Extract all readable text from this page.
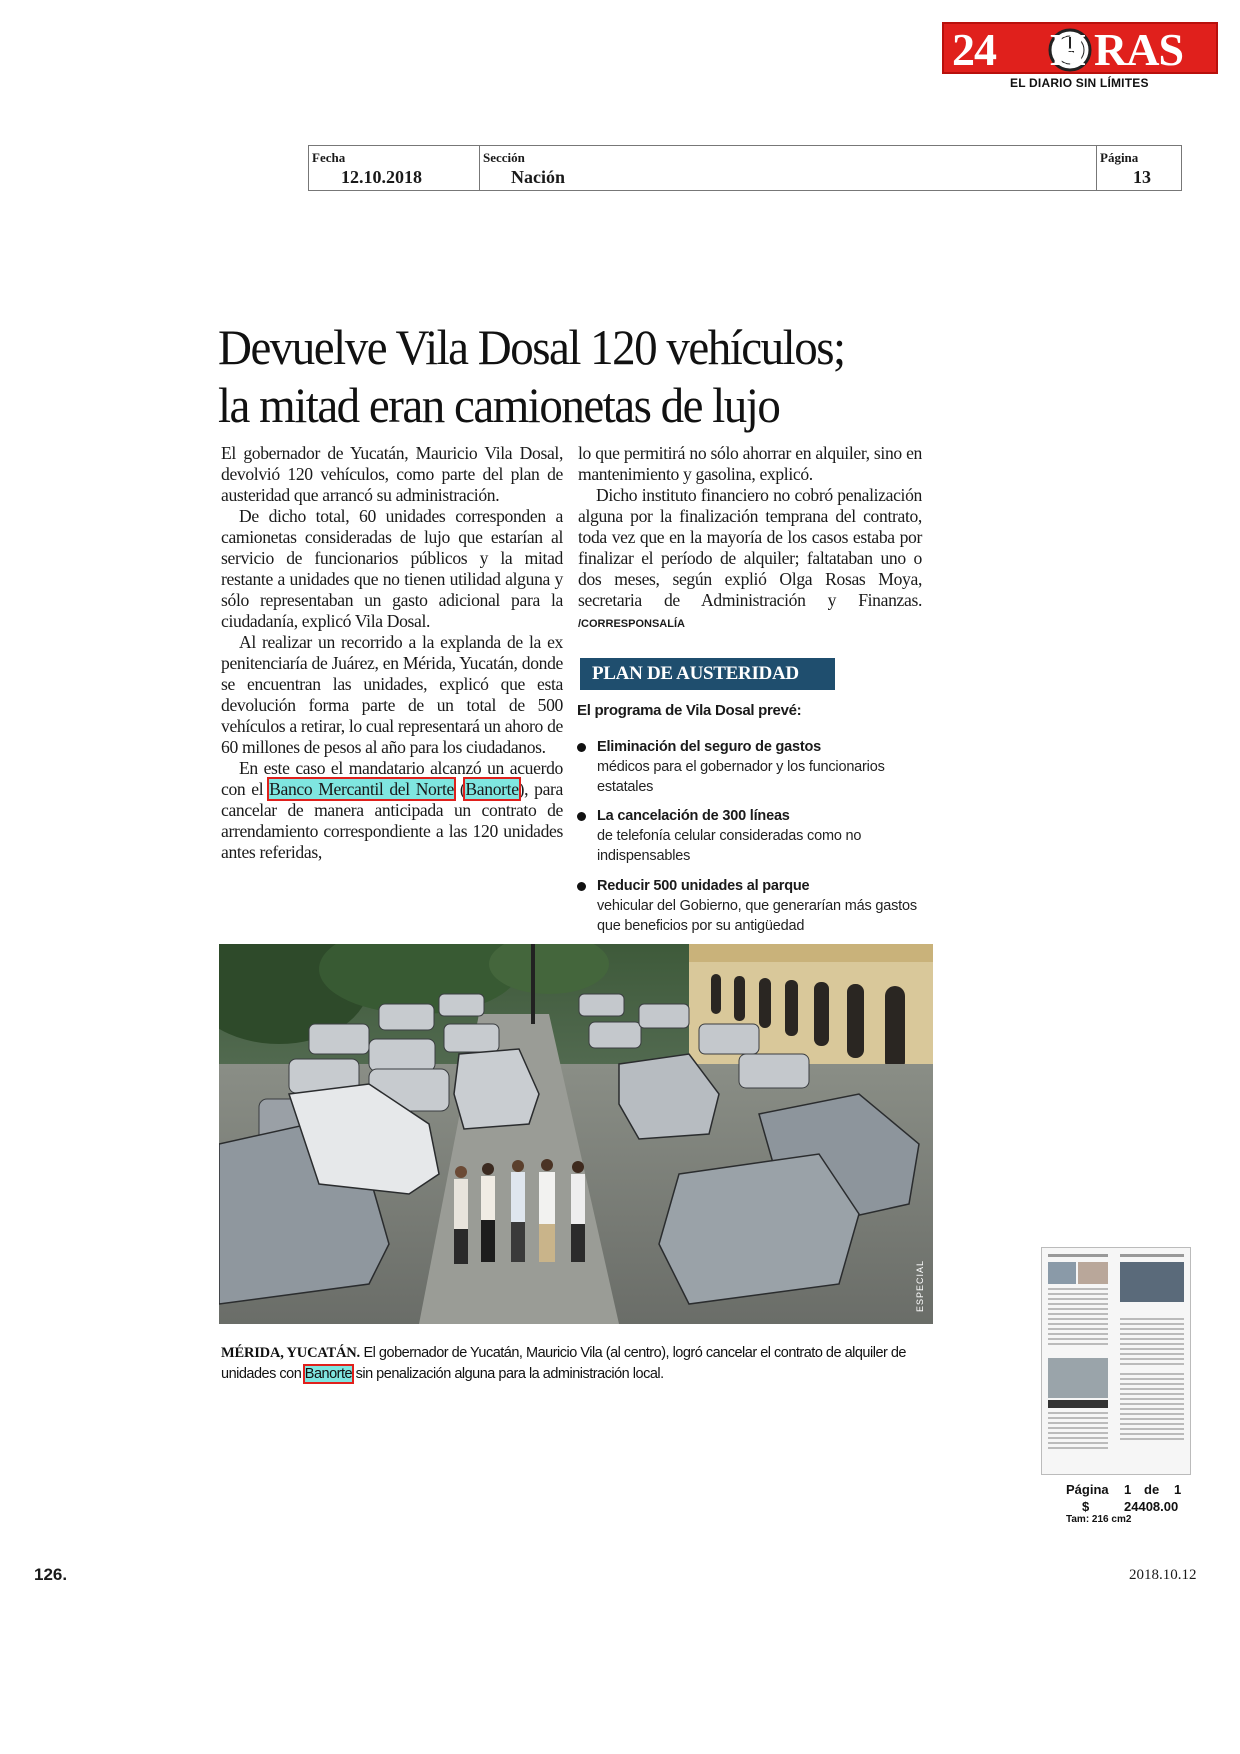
24 H RAS
EL DIARIO SIN LÍMITES
Fecha
12.10.2018
Sección
Nación
Página
13
Devuelve Vila Dosal 120 vehículos;
la mitad eran camionetas de lujo

El gobernador de Yucatán, Mauricio Vila Dosal, devolvió 120 vehículos, como parte del plan de austeridad que arrancó su administración.

De dicho total, 60 unidades corresponden a camionetas consideradas de lujo que estarían al servicio de funcionarios públicos y la mitad restante a unidades que no tienen utilidad alguna y sólo representaban un gasto adicional para la ciudadanía, explicó Vila Dosal.

Al realizar un recorrido a la explanda de la ex penitenciaría de Juárez, en Mérida, Yucatán, donde se encuentran las unidades, explicó que esta devolución forma parte de un total de 500 vehículos a retirar, lo cual representará un ahoro de 60 millones de pesos al año para los ciudadanos.

En este caso el mandatario alcanzó un acuerdo con el Banco Mercantil del Norte (Banorte), para cancelar de manera anticipada un contrato de arrendamiento correspondiente a las 120 unidades antes referidas,

lo que permitirá no sólo ahorrar en alquiler, sino en mantenimiento y gasolina, explicó.

Dicho instituto financiero no cobró penalización alguna por la finalización temprana del contrato, toda vez que en la mayoría de los casos estaba por finalizar el período de alquiler; faltataban uno o dos meses, según explió Olga Rosas Moya, secretaria de Administración y Finanzas. /CORRESPONSALÍA

PLAN DE AUSTERIDAD
El programa de Vila Dosal prevé:
Eliminación del seguro de gastos
médicos para el gobernador y los funcionarios estatales
La cancelación de 300 líneas
de telefonía celular consideradas como no indispensables
Reducir 500 unidades al parque
vehicular del Gobierno, que generarían más gastos que beneficios por su antigüedad
ESPECIAL
MÉRIDA, YUCATÁN. El gobernador de Yucatán, Mauricio Vila (al centro), logró cancelar el contrato de alquiler de unidades con Banorte sin penalización alguna para la administración local.
Página 1 de 1
$	24408.00
Tam: 216 cm2
126.	2018.10.12
